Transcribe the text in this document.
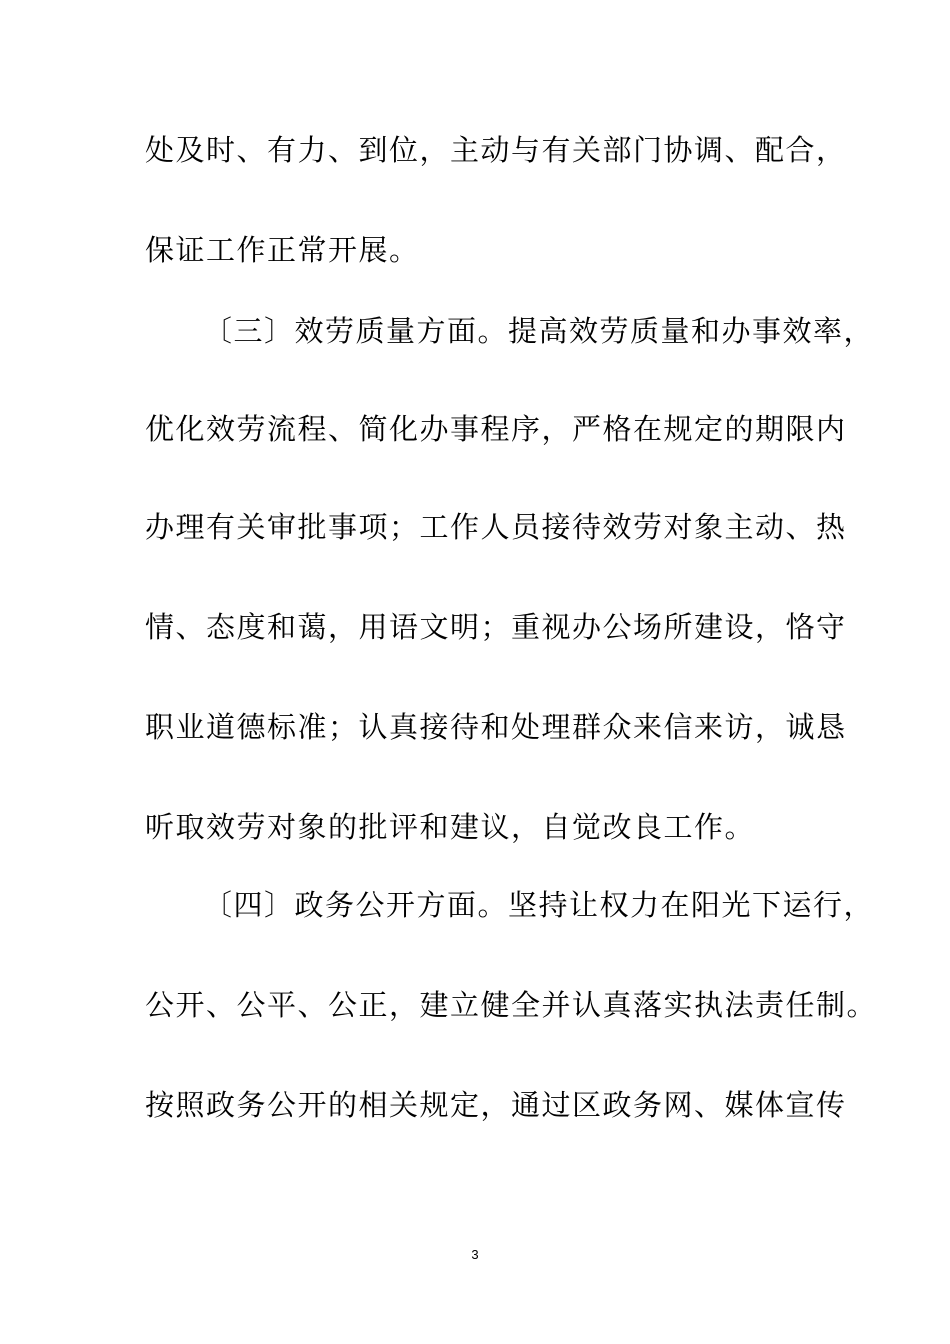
处及时、有力、到位，主动与有关部门协调、配合，
保证工作正常开展。
〔三〕效劳质量方面。提高效劳质量和办事效率，
优化效劳流程、简化办事程序，严格在规定的期限内
办理有关审批事项；工作人员接待效劳对象主动、热
情、态度和蔼，用语文明；重视办公场所建设，恪守
职业道德标准；认真接待和处理群众来信来访，诚恳
听取效劳对象的批评和建议，自觉改良工作。
〔四〕政务公开方面。坚持让权力在阳光下运行，
公开、公平、公正，建立健全并认真落实执法责任制。
按照政务公开的相关规定，通过区政务网、媒体宣传
3
